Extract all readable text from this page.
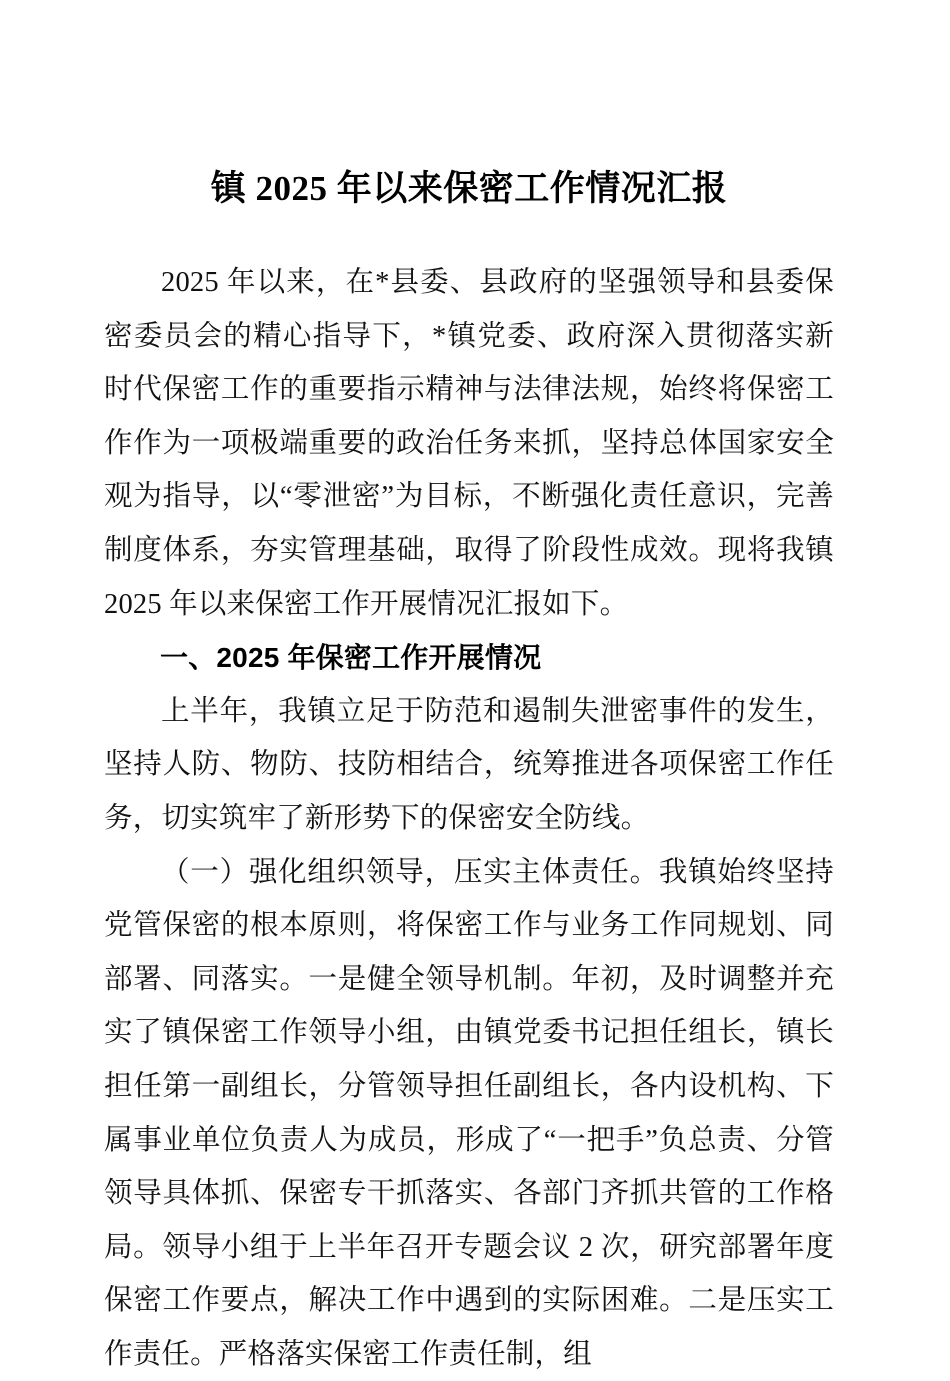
镇 2025 年以来保密工作情况汇报

2025 年以来，在*县委、县政府的坚强领导和县委保密委员会的精心指导下，*镇党委、政府深入贯彻落实新时代保密工作的重要指示精神与法律法规，始终将保密工作作为一项极端重要的政治任务来抓，坚持总体国家安全观为指导，以“零泄密”为目标，不断强化责任意识，完善制度体系，夯实管理基础，取得了阶段性成效。现将我镇 2025 年以来保密工作开展情况汇报如下。

一、2025 年保密工作开展情况

上半年，我镇立足于防范和遏制失泄密事件的发生，坚持人防、物防、技防相结合，统筹推进各项保密工作任务，切实筑牢了新形势下的保密安全防线。

（一）强化组织领导，压实主体责任。我镇始终坚持党管保密的根本原则，将保密工作与业务工作同规划、同部署、同落实。一是健全领导机制。年初，及时调整并充实了镇保密工作领导小组，由镇党委书记担任组长，镇长担任第一副组长，分管领导担任副组长，各内设机构、下属事业单位负责人为成员，形成了“一把手”负总责、分管领导具体抓、保密专干抓落实、各部门齐抓共管的工作格局。领导小组于上半年召开专题会议 2 次，研究部署年度保密工作要点，解决工作中遇到的实际困难。二是压实工作责任。严格落实保密工作责任制，组
